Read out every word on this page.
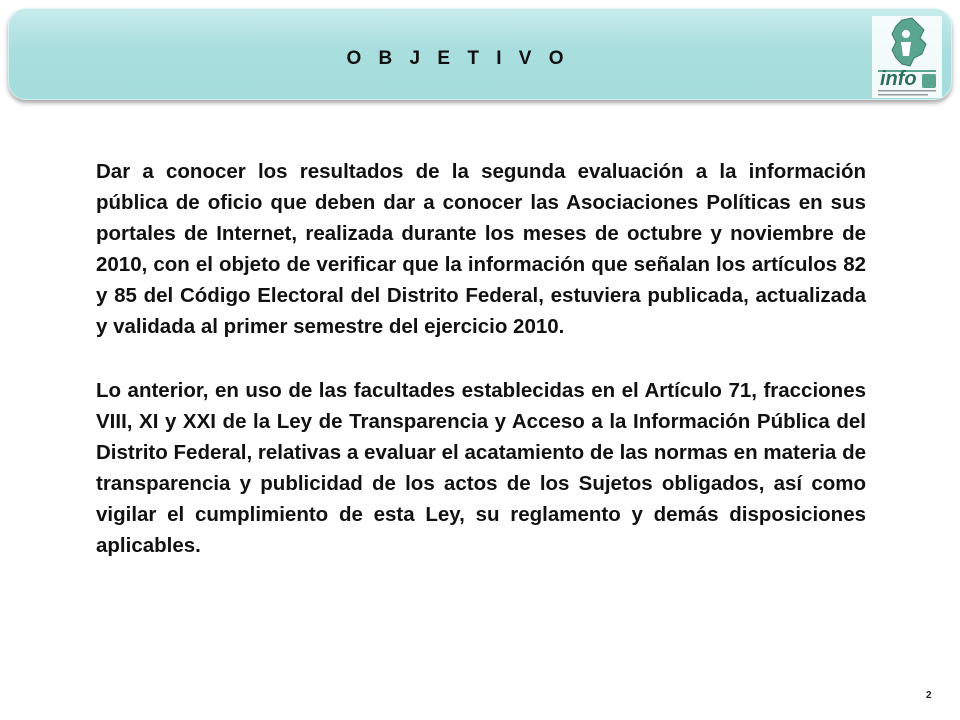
O B J E T I V O
info

Dar a conocer los resultados de la segunda evaluación a la información pública de oficio que deben dar a conocer las Asociaciones Políticas en sus portales de Internet, realizada durante los meses de octubre y noviembre de 2010, con el objeto de verificar que la información que señalan los artículos 82 y 85 del Código Electoral del Distrito Federal, estuviera publicada, actualizada y validada al primer semestre del ejercicio 2010.

Lo anterior, en uso de las facultades establecidas en el Artículo 71, fracciones VIII, XI y XXI de la Ley de Transparencia y Acceso a la Información Pública del Distrito Federal, relativas a evaluar el acatamiento de las normas en materia de transparencia y publicidad de los actos de los Sujetos obligados, así como vigilar el cumplimiento de esta Ley, su reglamento y demás disposiciones aplicables.

2
